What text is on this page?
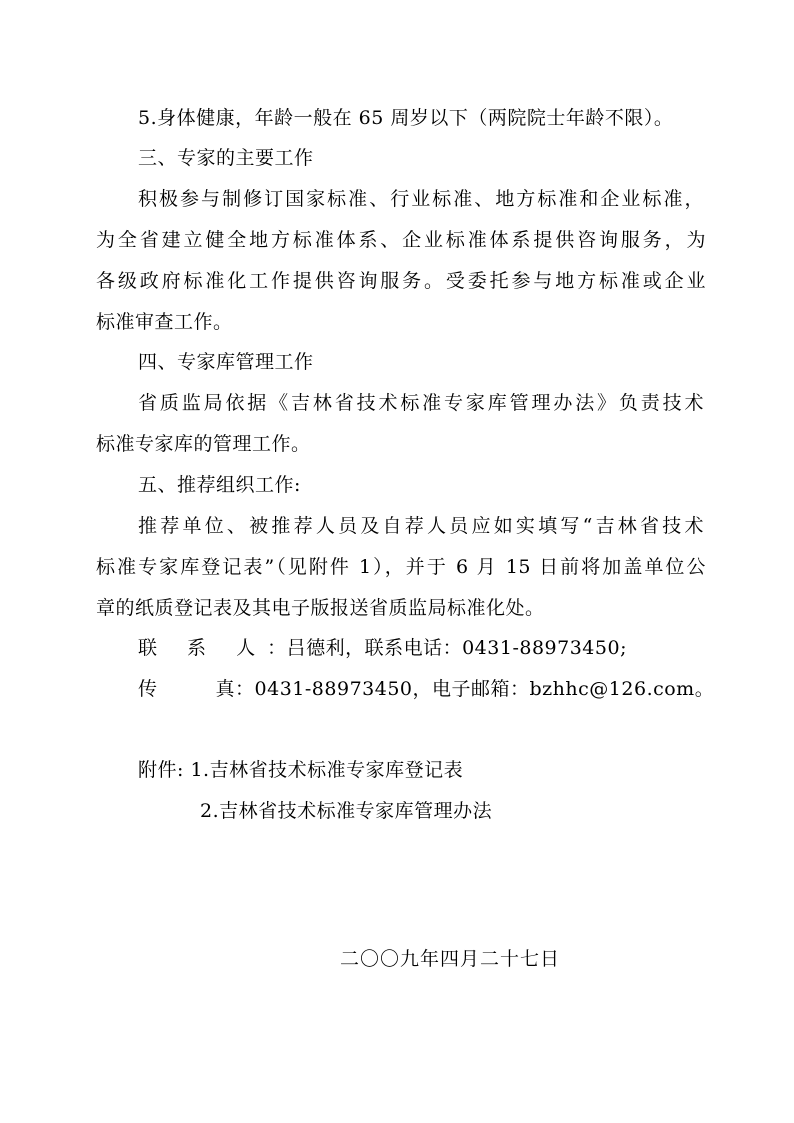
5.身体健康，年龄一般在 65 周岁以下（两院院士年龄不限）。
三、专家的主要工作
积极参与制修订国家标准、行业标准、地方标准和企业标准，
为全省建立健全地方标准体系、企业标准体系提供咨询服务，为
各级政府标准化工作提供咨询服务。受委托参与地方标准或企业
标准审查工作。
四、专家库管理工作
省质监局依据《吉林省技术标准专家库管理办法》负责技术
标准专家库的管理工作。
五、推荐组织工作:
推荐单位、被推荐人员及自荐人员应如实填写“吉林省技术
标准专家库登记表”（见附件 1），并于 6 月 15 日前将加盖单位公
章的纸质登记表及其电子版报送省质监局标准化处。
联 系 人：吕德利，联系电话：0431-88973450;
传	真：0431-88973450，电子邮箱：bzhhc@126.com。
附件: 1.吉林省技术标准专家库登记表
2.吉林省技术标准专家库管理办法
二〇〇九年四月二十七日
